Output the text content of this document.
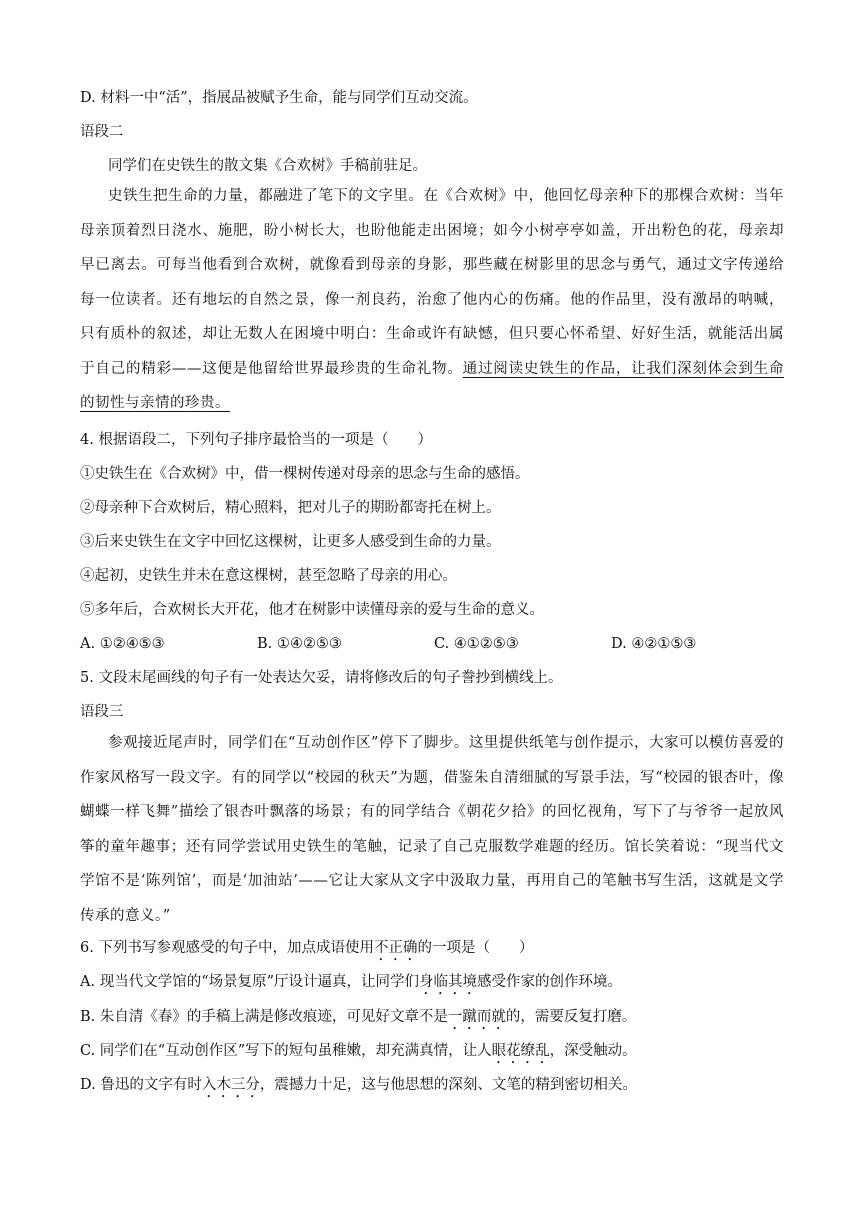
D. 材料一中“活”，指展品被赋予生命，能与同学们互动交流。
语段二
同学们在史铁生的散文集《合欢树》手稿前驻足。
史铁生把生命的力量，都融进了笔下的文字里。在《合欢树》中，他回忆母亲种下的那棵合欢树：当年母亲顶着烈日浇水、施肥，盼小树长大，也盼他能走出困境；如今小树亭亭如盖，开出粉色的花，母亲却早已离去。可每当他看到合欢树，就像看到母亲的身影，那些藏在树影里的思念与勇气，通过文字传递给每一位读者。还有地坛的自然之景，像一剂良药，治愈了他内心的伤痛。他的作品里，没有激昂的呐喊，只有质朴的叙述，却让无数人在困境中明白：生命或许有缺憾，但只要心怀希望、好好生活，就能活出属于自己的精彩——这便是他留给世界最珍贵的生命礼物。通过阅读史铁生的作品，让我们深刻体会到生命的韧性与亲情的珍贵。
4. 根据语段二，下列句子排序最恰当的一项是（　　）
①史铁生在《合欢树》中，借一棵树传递对母亲的思念与生命的感悟。
②母亲种下合欢树后，精心照料，把对儿子的期盼都寄托在树上。
③后来史铁生在文字中回忆这棵树，让更多人感受到生命的力量。
④起初，史铁生并未在意这棵树，甚至忽略了母亲的用心。
⑤多年后，合欢树长大开花，他才在树影中读懂母亲的爱与生命的意义。
A. ①②④⑤③	B. ①④②⑤③	C. ④①②⑤③	D. ④②①⑤③
5. 文段末尾画线的句子有一处表达欠妥，请将修改后的句子誊抄到横线上。
语段三
参观接近尾声时，同学们在“互动创作区”停下了脚步。这里提供纸笔与创作提示，大家可以模仿喜爱的作家风格写一段文字。有的同学以“校园的秋天”为题，借鉴朱自清细腻的写景手法，写“校园的银杏叶，像蝴蝶一样飞舞”描绘了银杏叶飘落的场景；有的同学结合《朝花夕拾》的回忆视角，写下了与爷爷一起放风筝的童年趣事；还有同学尝试用史铁生的笔触，记录了自己克服数学难题的经历。馆长笑着说：“现当代文学馆不是‘陈列馆’，而是‘加油站’——它让大家从文字中汲取力量，再用自己的笔触书写生活，这就是文学传承的意义。”
6. 下列书写参观感受的句子中，加点成语使用不正确的一项是（　　）
A. 现当代文学馆的“场景复原”厅设计逼真，让同学们身临其境感受作家的创作环境。
B. 朱自清《春》的手稿上满是修改痕迹，可见好文章不是一蹴而就的，需要反复打磨。
C. 同学们在“互动创作区”写下的短句虽稚嫩，却充满真情，让人眼花缭乱，深受触动。
D. 鲁迅的文字有时入木三分，震撼力十足，这与他思想的深刻、文笔的精到密切相关。
